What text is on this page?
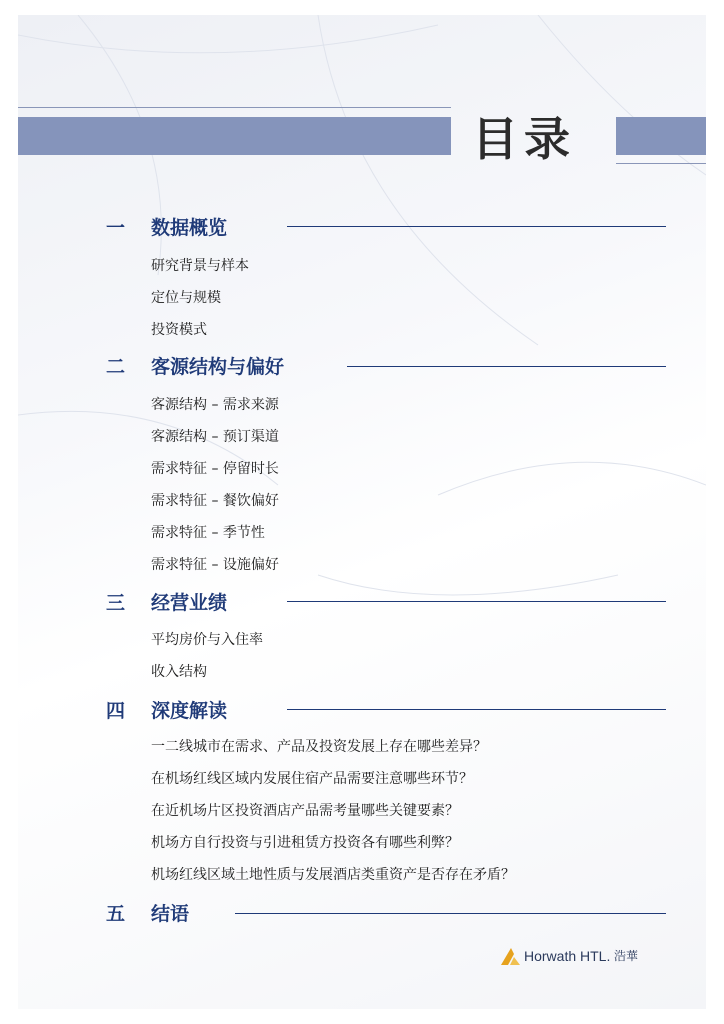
目录
一	数据概览
研究背景与样本
定位与规模
投资模式
二	客源结构与偏好
客源结构 – 需求来源
客源结构 – 预订渠道
需求特征 – 停留时长
需求特征 – 餐饮偏好
需求特征 – 季节性
需求特征 – 设施偏好
三	经营业绩
平均房价与入住率
收入结构
四	深度解读
一二线城市在需求、产品及投资发展上存在哪些差异？
在机场红线区域内发展住宿产品需要注意哪些环节？
在近机场片区投资酒店产品需考量哪些关键要素？
机场方自行投资与引进租赁方投资各有哪些利弊？
机场红线区域土地性质与发展酒店类重资产是否存在矛盾？
五	结语
Horwath HTL. 浩華
